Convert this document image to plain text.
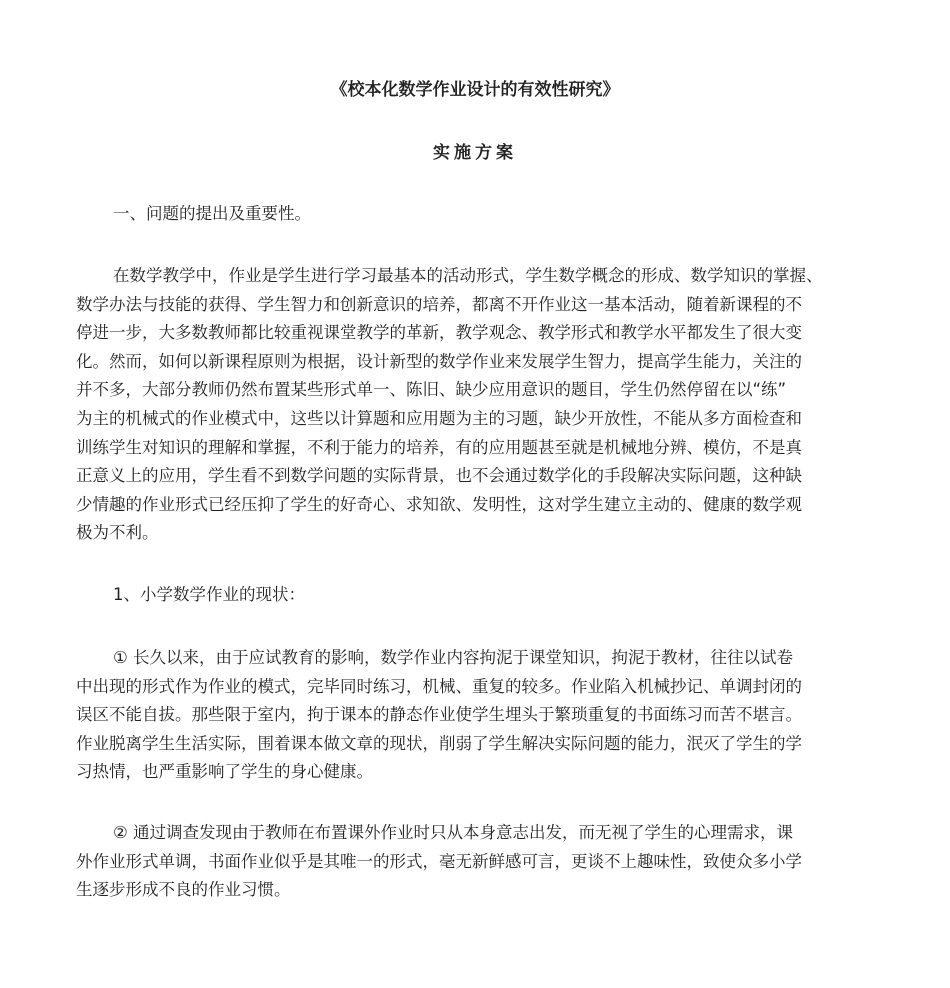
《校本化数学作业设计的有效性研究》
实施方案
一、问题的提出及重要性。
在数学教学中，作业是学生进行学习最基本的活动形式，学生数学概念的形成、数学知识的掌握、
数学办法与技能的获得、学生智力和创新意识的培养，都离不开作业这一基本活动，随着新课程的不
停进一步，大多数教师都比较重视课堂教学的革新，教学观念、教学形式和教学水平都发生了很大变
化。然而，如何以新课程原则为根据，设计新型的数学作业来发展学生智力，提高学生能力，关注的
并不多，大部分教师仍然布置某些形式单一、陈旧、缺少应用意识的题目，学生仍然停留在以“练”
为主的机械式的作业模式中，这些以计算题和应用题为主的习题，缺少开放性，不能从多方面检查和
训练学生对知识的理解和掌握，不利于能力的培养，有的应用题甚至就是机械地分辨、模仿，不是真
正意义上的应用，学生看不到数学问题的实际背景，也不会通过数学化的手段解决实际问题，这种缺
少情趣的作业形式已经压抑了学生的好奇心、求知欲、发明性，这对学生建立主动的、健康的数学观
极为不利。
1、小学数学作业的现状：
① 长久以来，由于应试教育的影响，数学作业内容拘泥于课堂知识，拘泥于教材，往往以试卷
中出现的形式作为作业的模式，完毕同时练习，机械、重复的较多。作业陷入机械抄记、单调封闭的
误区不能自拔。那些限于室内，拘于课本的静态作业使学生埋头于繁琐重复的书面练习而苦不堪言。
作业脱离学生生活实际，围着课本做文章的现状，削弱了学生解决实际问题的能力，泯灭了学生的学
习热情，也严重影响了学生的身心健康。
② 通过调查发现由于教师在布置课外作业时只从本身意志出发，而无视了学生的心理需求，课
外作业形式单调，书面作业似乎是其唯一的形式，毫无新鲜感可言，更谈不上趣味性，致使众多小学
生逐步形成不良的作业习惯。
